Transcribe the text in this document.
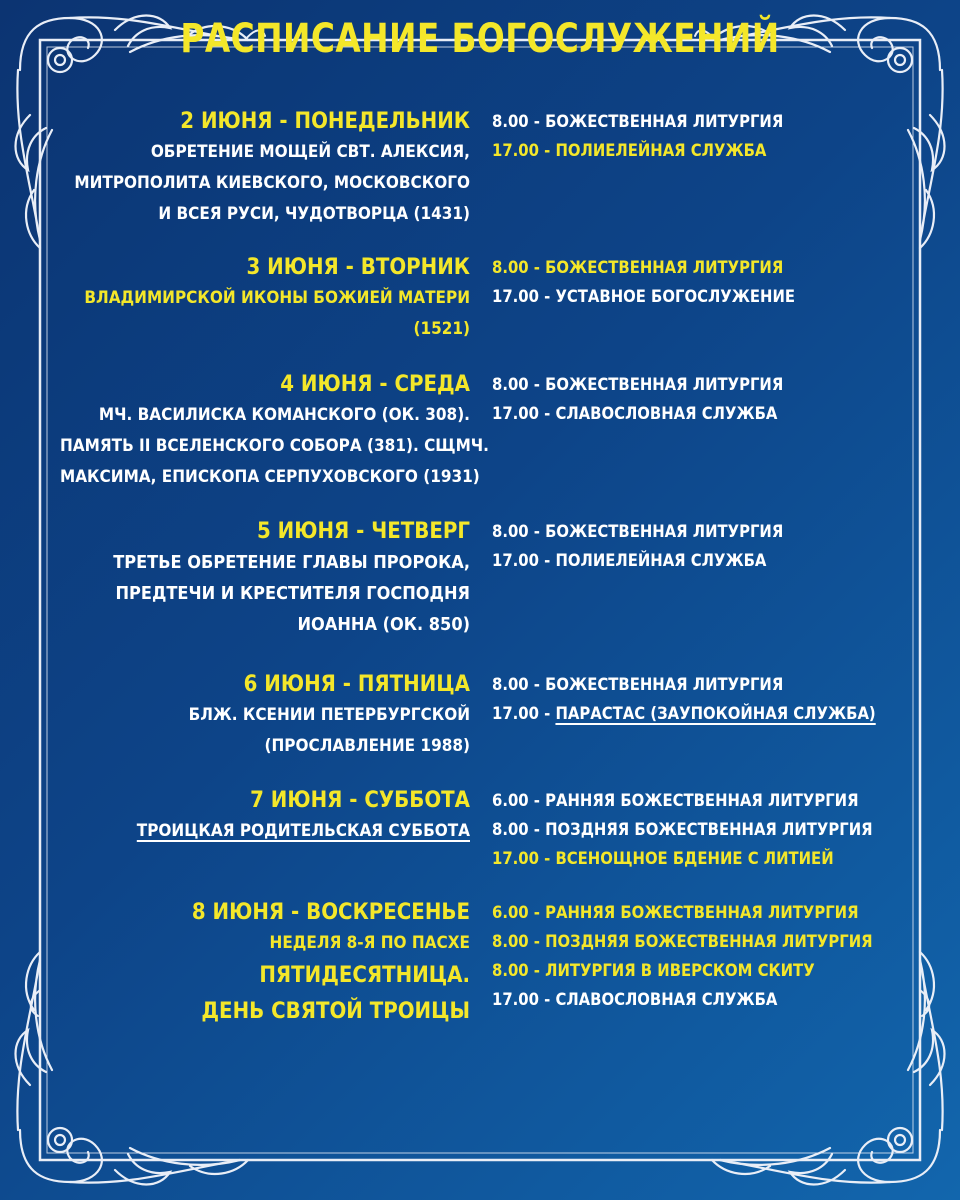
РАСПИСАНИЕ БОГОСЛУЖЕНИЙ
2 ИЮНЯ - ПОНЕДЕЛЬНИК
ОБРЕТЕНИЕ МОЩЕЙ СВТ. АЛЕКСИЯ,
МИТРОПОЛИТА КИЕВСКОГО, МОСКОВСКОГО
И ВСЕЯ РУСИ, ЧУДОТВОРЦА (1431)
8.00 - БОЖЕСТВЕННАЯ ЛИТУРГИЯ
17.00 - ПОЛИЕЛЕЙНАЯ СЛУЖБА
3 ИЮНЯ - ВТОРНИК
ВЛАДИМИРСКОЙ ИКОНЫ БОЖИЕЙ МАТЕРИ
(1521)
8.00 - БОЖЕСТВЕННАЯ ЛИТУРГИЯ
17.00 - УСТАВНОЕ БОГОСЛУЖЕНИЕ
4 ИЮНЯ - СРЕДА
МЧ. ВАСИЛИСКА КОМАНСКОГО (ОК. 308).
ПАМЯТЬ II ВСЕЛЕНСКОГО СОБОРА (381). СЩМЧ.
МАКСИМА, ЕПИСКОПА СЕРПУХОВСКОГО (1931)
8.00 - БОЖЕСТВЕННАЯ ЛИТУРГИЯ
17.00 - СЛАВОСЛОВНАЯ СЛУЖБА
5 ИЮНЯ - ЧЕТВЕРГ
ТРЕТЬЕ ОБРЕТЕНИЕ ГЛАВЫ ПРОРОКА,
ПРЕДТЕЧИ И КРЕСТИТЕЛЯ ГОСПОДНЯ
ИОАННА (ОК. 850)
8.00 - БОЖЕСТВЕННАЯ ЛИТУРГИЯ
17.00 - ПОЛИЕЛЕЙНАЯ СЛУЖБА
6 ИЮНЯ - ПЯТНИЦА
БЛЖ. КСЕНИИ ПЕТЕРБУРГСКОЙ
(ПРОСЛАВЛЕНИЕ 1988)
8.00 - БОЖЕСТВЕННАЯ ЛИТУРГИЯ
17.00 - ПАРАСТАС (ЗАУПОКОЙНАЯ СЛУЖБА)
7 ИЮНЯ - СУББОТА
ТРОИЦКАЯ РОДИТЕЛЬСКАЯ СУББОТА
6.00 - РАННЯЯ БОЖЕСТВЕННАЯ ЛИТУРГИЯ
8.00 - ПОЗДНЯЯ БОЖЕСТВЕННАЯ ЛИТУРГИЯ
17.00 - ВСЕНОЩНОЕ БДЕНИЕ С ЛИТИЕЙ
8 ИЮНЯ - ВОСКРЕСЕНЬЕ
НЕДЕЛЯ 8-Я ПО ПАСХЕ
ПЯТИДЕСЯТНИЦА.
ДЕНЬ СВЯТОЙ ТРОИЦЫ
6.00 - РАННЯЯ БОЖЕСТВЕННАЯ ЛИТУРГИЯ
8.00 - ПОЗДНЯЯ БОЖЕСТВЕННАЯ ЛИТУРГИЯ
8.00 - ЛИТУРГИЯ В ИВЕРСКОМ СКИТУ
17.00 - СЛАВОСЛОВНАЯ СЛУЖБА
